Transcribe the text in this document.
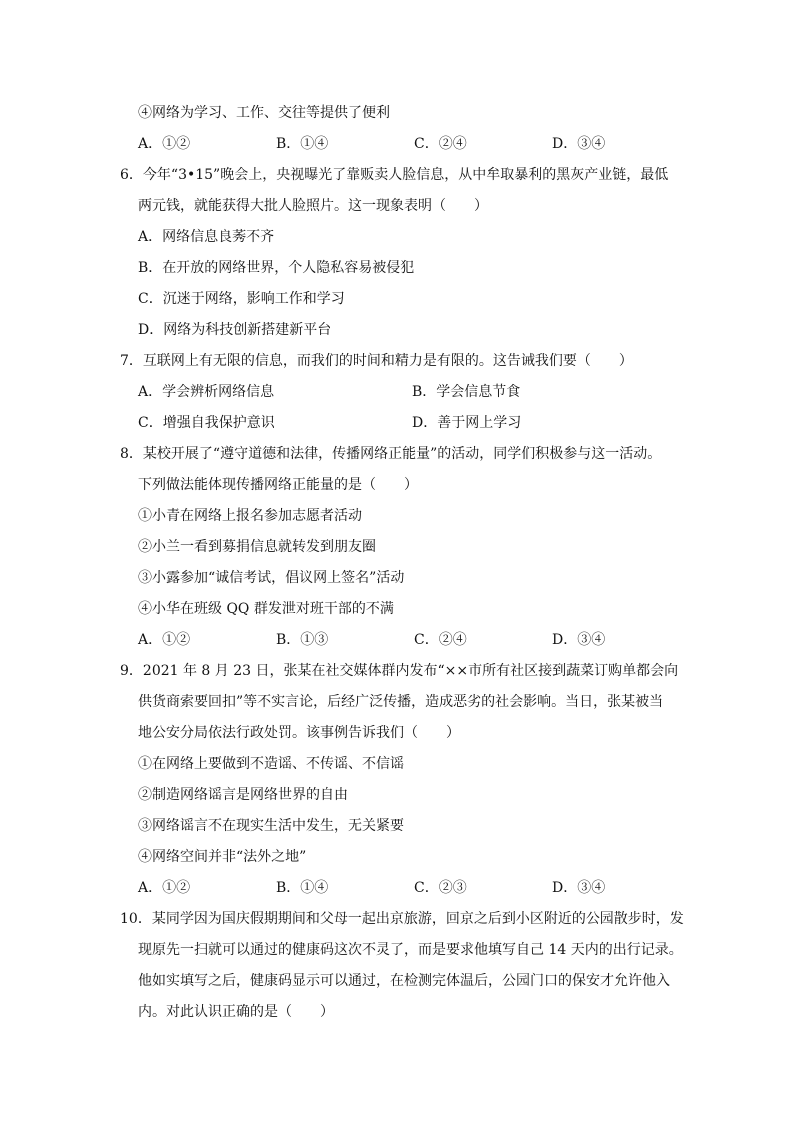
④网络为学习、工作、交往等提供了便利
A．①②	B．①④	C．②④	D．③④
6．今年“3•15”晚会上，央视曝光了靠贩卖人脸信息，从中牟取暴利的黑灰产业链，最低
两元钱，就能获得大批人脸照片。这一现象表明（　　）
A．网络信息良莠不齐
B．在开放的网络世界，个人隐私容易被侵犯
C．沉迷于网络，影响工作和学习
D．网络为科技创新搭建新平台
7．互联网上有无限的信息，而我们的时间和精力是有限的。这告诫我们要（　　）
A．学会辨析网络信息	B．学会信息节食
C．增强自我保护意识	D．善于网上学习
8．某校开展了“遵守道德和法律，传播网络正能量”的活动，同学们积极参与这一活动。
下列做法能体现传播网络正能量的是（　　）
①小青在网络上报名参加志愿者活动
②小兰一看到募捐信息就转发到朋友圈
③小露参加“诚信考试，倡议网上签名”活动
④小华在班级 QQ 群发泄对班干部的不满
A．①②	B．①③	C．②④	D．③④
9．2021 年 8 月 23 日，张某在社交媒体群内发布“××市所有社区接到蔬菜订购单都会向
供货商索要回扣”等不实言论，后经广泛传播，造成恶劣的社会影响。当日，张某被当
地公安分局依法行政处罚。该事例告诉我们（　　）
①在网络上要做到不造谣、不传谣、不信谣
②制造网络谣言是网络世界的自由
③网络谣言不在现实生活中发生，无关紧要
④网络空间并非“法外之地”
A．①②	B．①④	C．②③	D．③④
10．某同学因为国庆假期期间和父母一起出京旅游，回京之后到小区附近的公园散步时，发
现原先一扫就可以通过的健康码这次不灵了，而是要求他填写自己 14 天内的出行记录。
他如实填写之后，健康码显示可以通过，在检测完体温后，公园门口的保安才允许他入
内。对此认识正确的是（　　）
